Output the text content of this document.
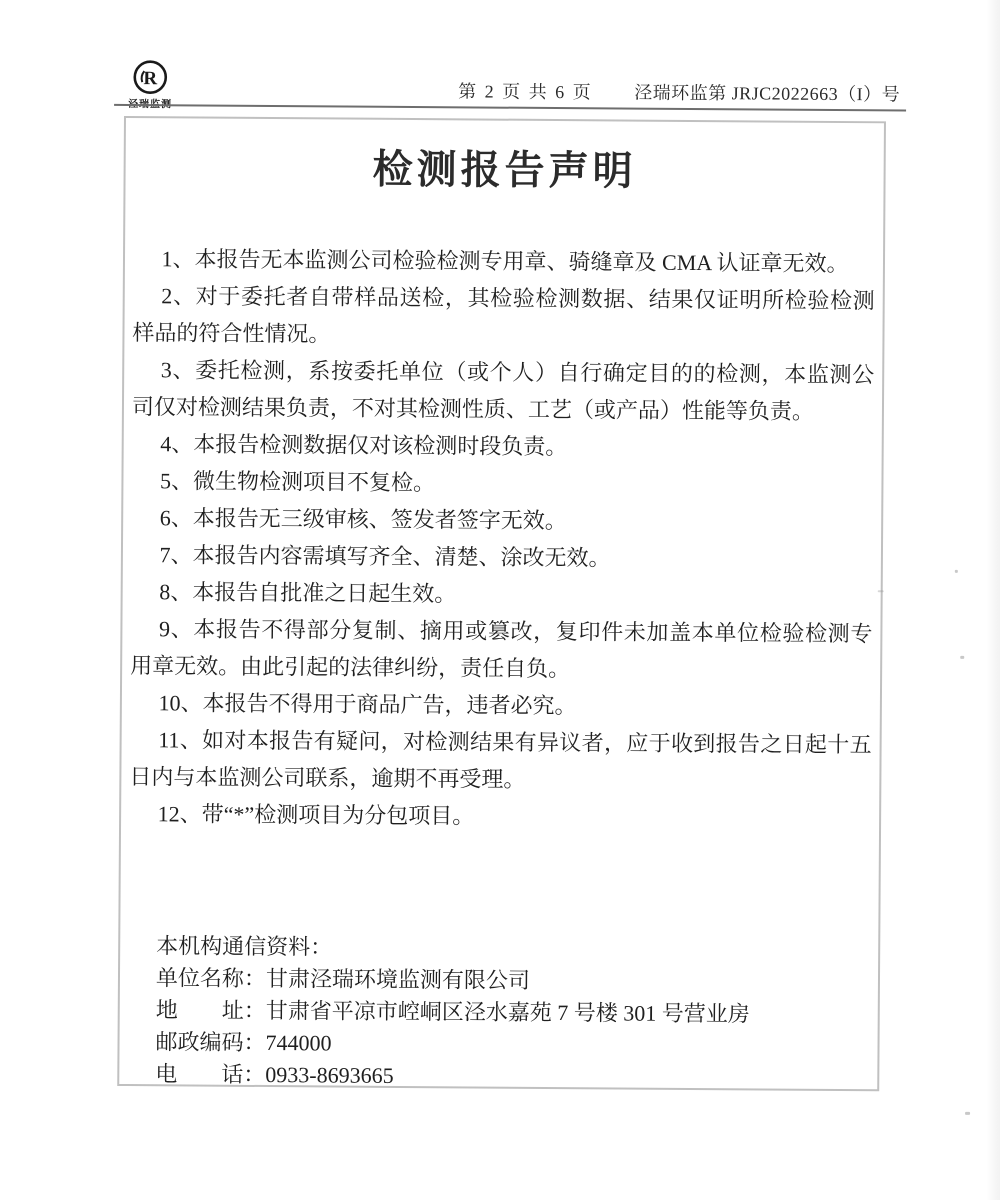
R
泾瑞监测
第 2 页 共 6 页 泾瑞环监第 JRJC2022663（I）号
检测报告声明

1、本报告无本监测公司检验检测专用章、骑缝章及 CMA 认证章无效。

2、对于委托者自带样品送检，其检验检测数据、结果仅证明所检验检测样品的符合性情况。

3、委托检测，系按委托单位（或个人）自行确定目的的检测，本监测公司仅对检测结果负责，不对其检测性质、工艺（或产品）性能等负责。

4、本报告检测数据仅对该检测时段负责。

5、微生物检测项目不复检。

6、本报告无三级审核、签发者签字无效。

7、本报告内容需填写齐全、清楚、涂改无效。

8、本报告自批准之日起生效。

9、本报告不得部分复制、摘用或篡改，复印件未加盖本单位检验检测专用章无效。由此引起的法律纠纷，责任自负。

10、本报告不得用于商品广告，违者必究。

11、如对本报告有疑问，对检测结果有异议者，应于收到报告之日起十五日内与本监测公司联系，逾期不再受理。

12、带“*”检测项目为分包项目。

本机构通信资料：

单位名称：甘肃泾瑞环境监测有限公司

地　　址：甘肃省平凉市崆峒区泾水嘉苑 7 号楼 301 号营业房

邮政编码：744000

电　　话：0933-8693665
